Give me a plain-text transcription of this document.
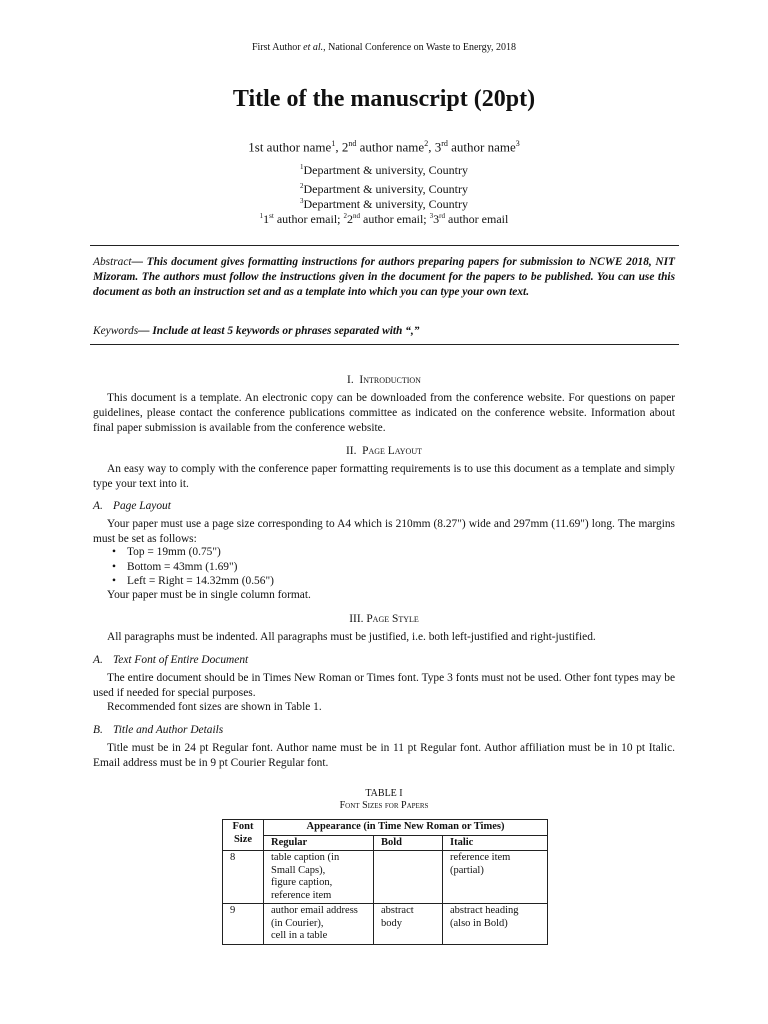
First Author et al., National Conference on Waste to Energy, 2018
Title of the manuscript (20pt)
1st author name$^1$, 2nd author name$^2$, 3rd author name$^3$
$^1$Department & university, Country
$^2$Department & university, Country
$^3$Department & university, Country
$^1$1st author email; $^2$2nd author email; $^3$3rd author email
Abstract— This document gives formatting instructions for authors preparing papers for submission to NCWE 2018, NIT Mizoram. The authors must follow the instructions given in the document for the papers to be published. You can use this document as both an instruction set and as a template into which you can type your own text.
Keywords— Include at least 5 keywords or phrases separated with “,”
I. Introduction

This document is a template. An electronic copy can be downloaded from the conference website. For questions on paper guidelines, please contact the conference publications committee as indicated on the conference website. Information about final paper submission is available from the conference website.

II. Page Layout

An easy way to comply with the conference paper formatting requirements is to use this document as a template and simply type your text into it.

A. Page Layout

Your paper must use a page size corresponding to A4 which is 210mm (8.27") wide and 297mm (11.69") long. The margins must be set as follows:

• Top = 19mm (0.75")
• Bottom = 43mm (1.69")
• Left = Right = 14.32mm (0.56")

Your paper must be in single column format.

III. Page Style

All paragraphs must be indented. All paragraphs must be justified, i.e. both left-justified and right-justified.

A. Text Font of Entire Document

The entire document should be in Times New Roman or Times font. Type 3 fonts must not be used. Other font types may be used if needed for special purposes.

Recommended font sizes are shown in Table 1.

B. Title and Author Details

Title must be in 24 pt Regular font. Author name must be in 11 pt Regular font. Author affiliation must be in 10 pt Italic. Email address must be in 9 pt Courier Regular font.

TABLE I
Font Sizes for Papers
Font
Size	Appearance (in Time New Roman or Times)		
	Regular	Bold	Italic
8	table caption (in
Small Caps),
figure caption,
reference item		reference item
(partial)
9	author email address
(in Courier),
cell in a table	abstract
body	abstract heading
(also in Bold)
